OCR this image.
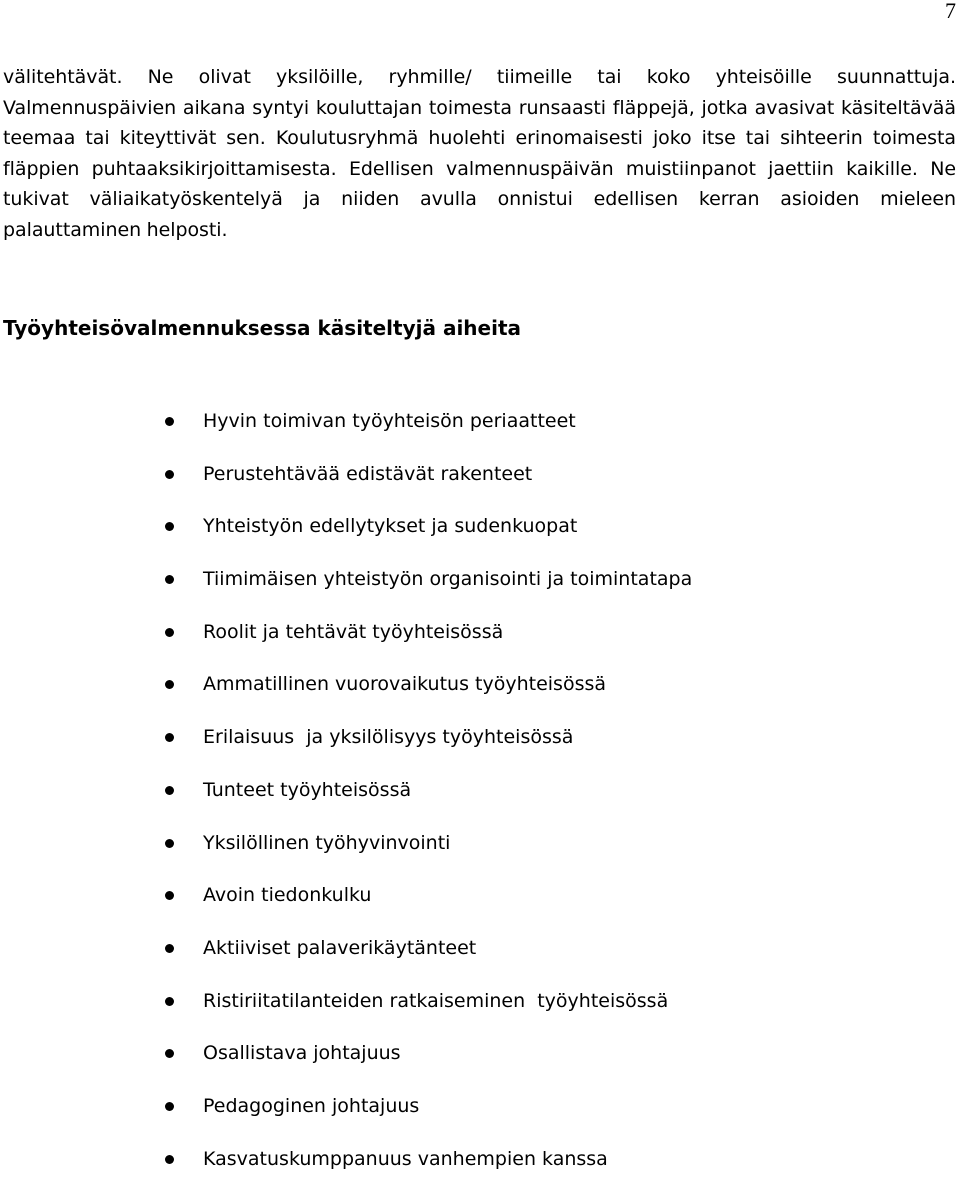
7

välitehtävät. Ne olivat yksilöille, ryhmille/ tiimeille tai koko yhteisöille suunnattuja. Valmennuspäivien aikana syntyi kouluttajan toimesta runsaasti fläppejä, jotka avasivat käsiteltävää teemaa tai kiteyttivät sen. Koulutusryhmä huolehti erinomaisesti joko itse tai sihteerin toimesta fläppien puhtaaksikirjoittamisesta. Edellisen valmennuspäivän muistiinpanot jaettiin kaikille. Ne tukivat väliaikatyöskentelyä ja niiden avulla onnistui edellisen kerran asioiden mieleen palauttaminen helposti.

Työyhteisövalmennuksessa käsiteltyjä aiheita
Hyvin toimivan työyhteisön periaatteet
Perustehtävää edistävät rakenteet
Yhteistyön edellytykset ja sudenkuopat
Tiimimäisen yhteistyön organisointi ja toimintatapa
Roolit ja tehtävät työyhteisössä
Ammatillinen vuorovaikutus työyhteisössä
Erilaisuus  ja yksilölisyys työyhteisössä
Tunteet työyhteisössä
Yksilöllinen työhyvinvointi
Avoin tiedonkulku
Aktiiviset palaverikäytänteet
Ristiriitatilanteiden ratkaiseminen  työyhteisössä
Osallistava johtajuus
Pedagoginen johtajuus
Kasvatuskumppanuus vanhempien kanssa
